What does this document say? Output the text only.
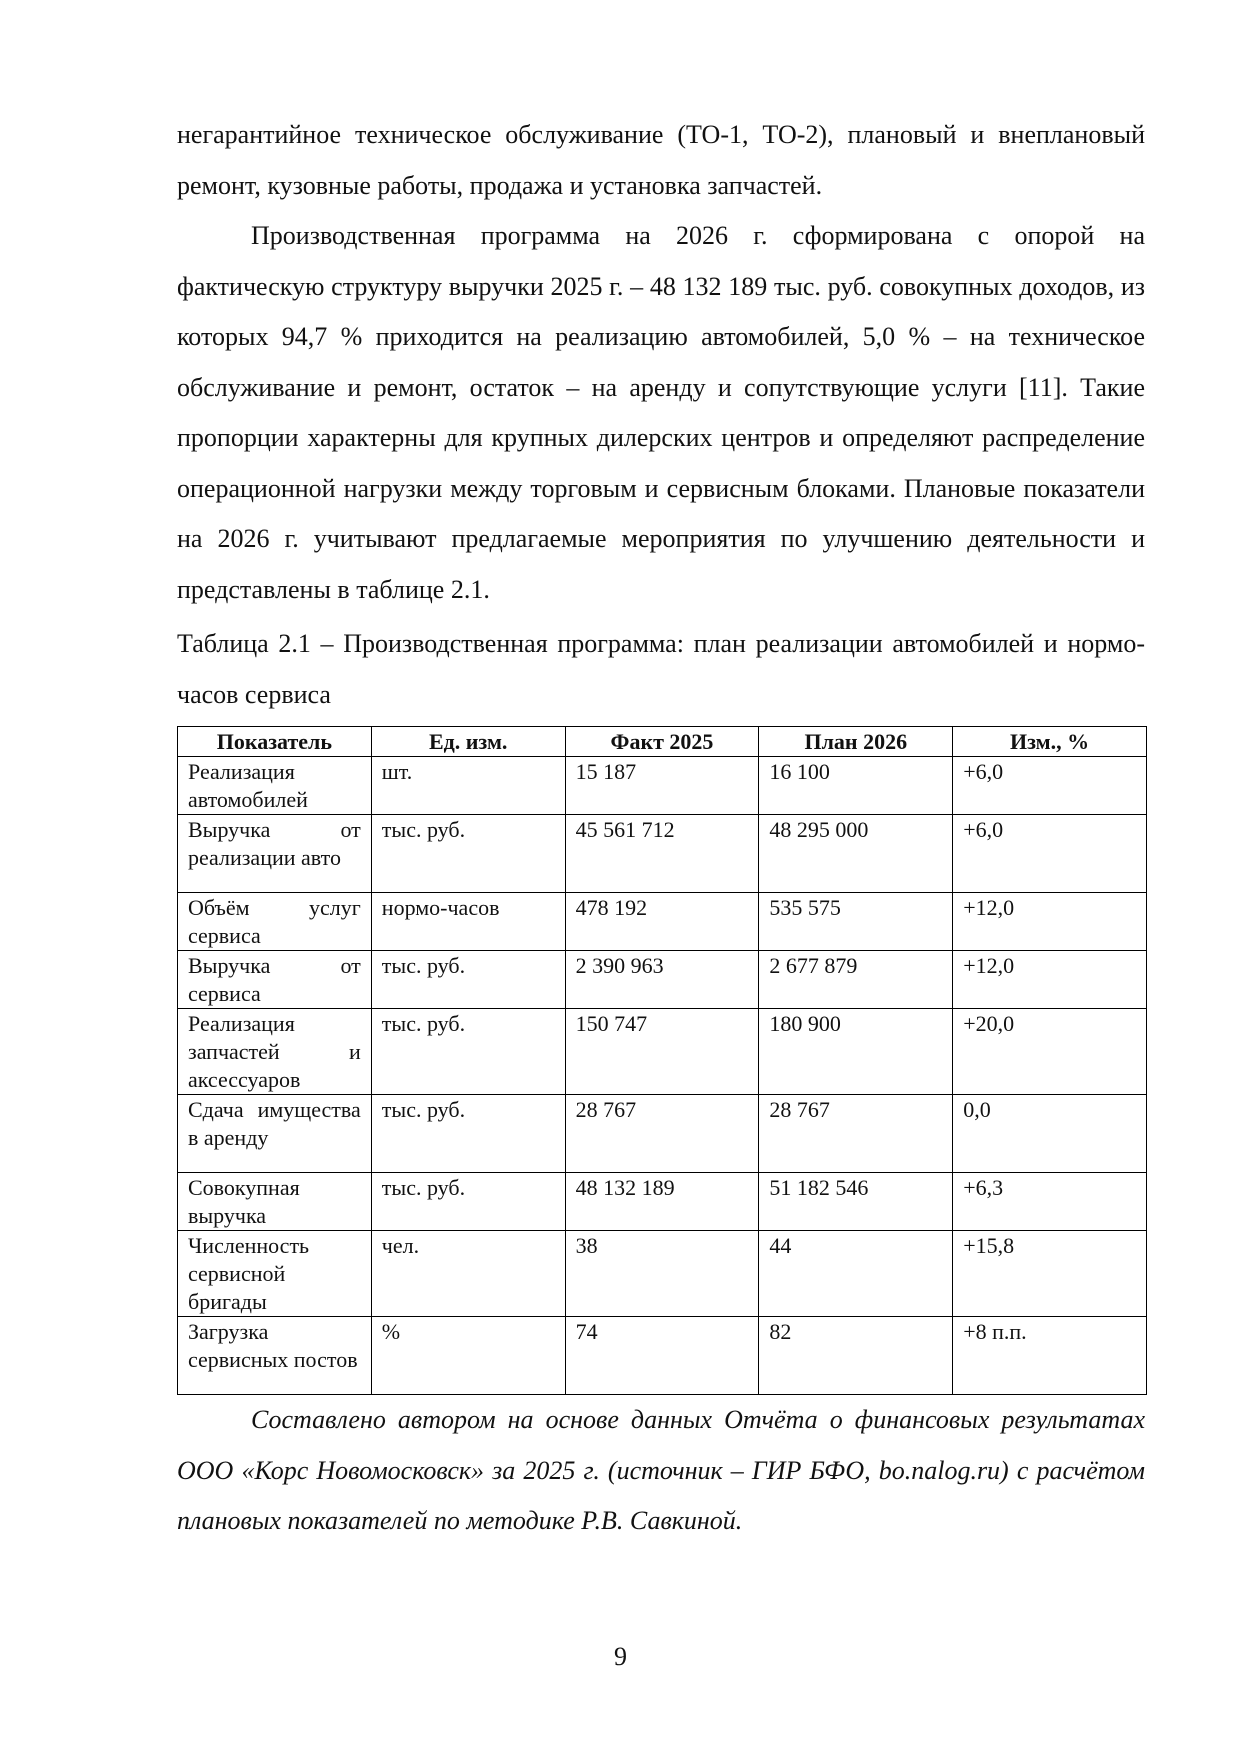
негарантийное техническое обслуживание (ТО-1, ТО-2), плановый и внеплановый ремонт, кузовные работы, продажа и установка запчастей.

Производственная программа на 2026 г. сформирована с опорой на фактическую структуру выручки 2025 г. – 48 132 189 тыс. руб. совокупных доходов, из которых 94,7 % приходится на реализацию автомобилей, 5,0 % – на техническое обслуживание и ремонт, остаток – на аренду и сопутствующие услуги [11]. Такие пропорции характерны для крупных дилерских центров и определяют распределение операционной нагрузки между торговым и сервисным блоками. Плановые показатели на 2026 г. учитывают предлагаемые мероприятия по улучшению деятельности и представлены в таблице 2.1.

Таблица 2.1 – Производственная программа: план реализации автомобилей и нормо-часов сервиса

Показатель	Ед. изм.	Факт 2025	План 2026	Изм., %
Реализация автомобилей	шт.	15 187	16 100	+6,0
Выручка от реализации авто	тыс. руб.	45 561 712	48 295 000	+6,0
Объём услуг сервиса	нормо-часов	478 192	535 575	+12,0
Выручка от сервиса	тыс. руб.	2 390 963	2 677 879	+12,0
Реализация запчастей и аксессуаров	тыс. руб.	150 747	180 900	+20,0
Сдача имущества в аренду	тыс. руб.	28 767	28 767	0,0
Совокупная выручка	тыс. руб.	48 132 189	51 182 546	+6,3
Численность сервисной бригады	чел.	38	44	+15,8
Загрузка сервисных постов	%	74	82	+8 п.п.

Составлено автором на основе данных Отчёта о финансовых результатах ООО «Корс Новомосковск» за 2025 г. (источник – ГИР БФО, bo.nalog.ru) с расчётом плановых показателей по методике Р.В. Савкиной.

9
